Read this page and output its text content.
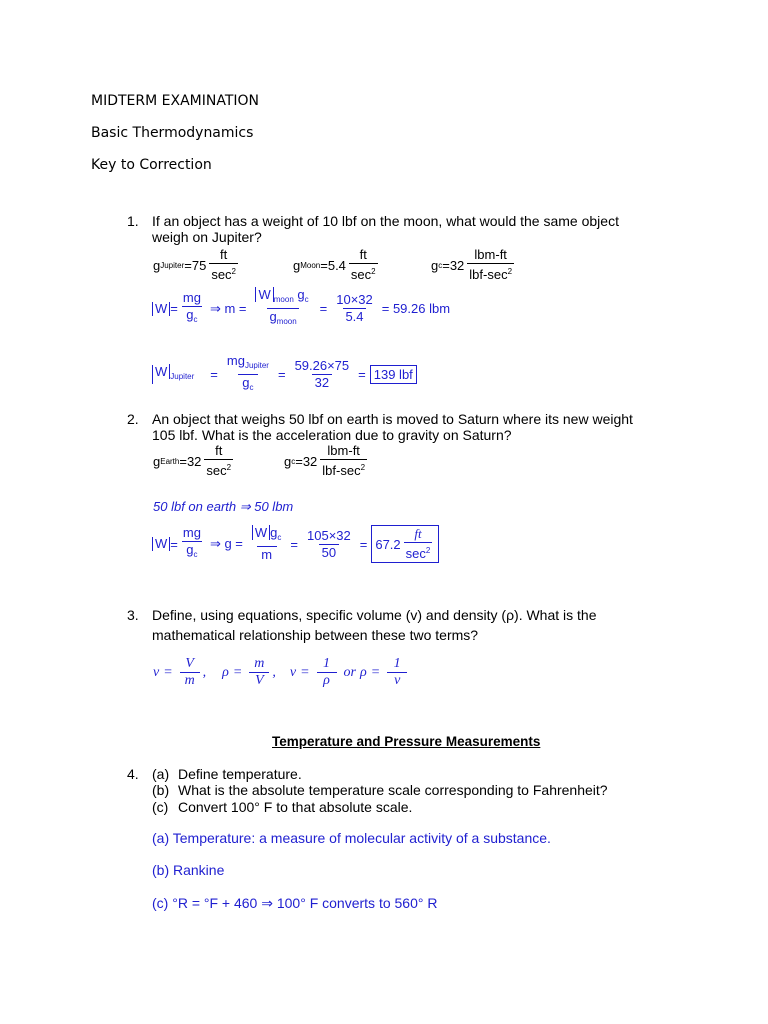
MIDTERM EXAMINATION
Basic Thermodynamics
Key to Correction
1. If an object has a weight of 10 lbf on the moon, what would the same object
weigh on Jupiter?
g Jupiter $=75 \frac{ft}{\sec^2}$	g Moon $=5.4 \frac{ft}{\sec^2}$	g $c =32 \frac{\text{lbm-ft}}{lbf-\sec^2}$
$W = \frac{mg}{g_c}$ ⇒ $m = \frac{W _{moon} g_c}{g_{moon}} = \frac{10\times 32}{5.4} = 59.26$ lbm
W $_{Jupiter} = \frac{mg_{Jupiter}}{g_c} = \frac{59.26\times 75}{32} = 139$ lbf
2. An object that weighs 50 lbf on earth is moved to Saturn where its new weight
105 lbf. What is the acceleration due to gravity on Saturn?
g Earth $=32 \frac{ft}{\sec^2}$	g $c =32 \frac{\text{lbm-ft}}{lbf-\sec^2}$
50 lbf on earth ⇒ 50 lbm
$W = \frac{mg}{g_c}$ ⇒ $g = \frac{W g_c}{m} = \frac{105\times 32}{50} = 67.2 \frac{ft}{\sec^2}$
3. Define, using equations, specific volume (v) and density (ρ). What is the
mathematical relationship between these two terms?
$v = \frac{V}{m}$ , $\rho = \frac{m}{V}$ , $v = \frac{1}{\rho}$ or $\rho = \frac{1}{v}$
Temperature and Pressure Measurements
4. (a) Define temperature.
(b) What is the absolute temperature scale corresponding to Fahrenheit?
(c) Convert 100° F to that absolute scale.
(a) Temperature: a measure of molecular activity of a substance.
(b) Rankine
(c) °R = °F + 460 ⇒ 100° F converts to 560° R
